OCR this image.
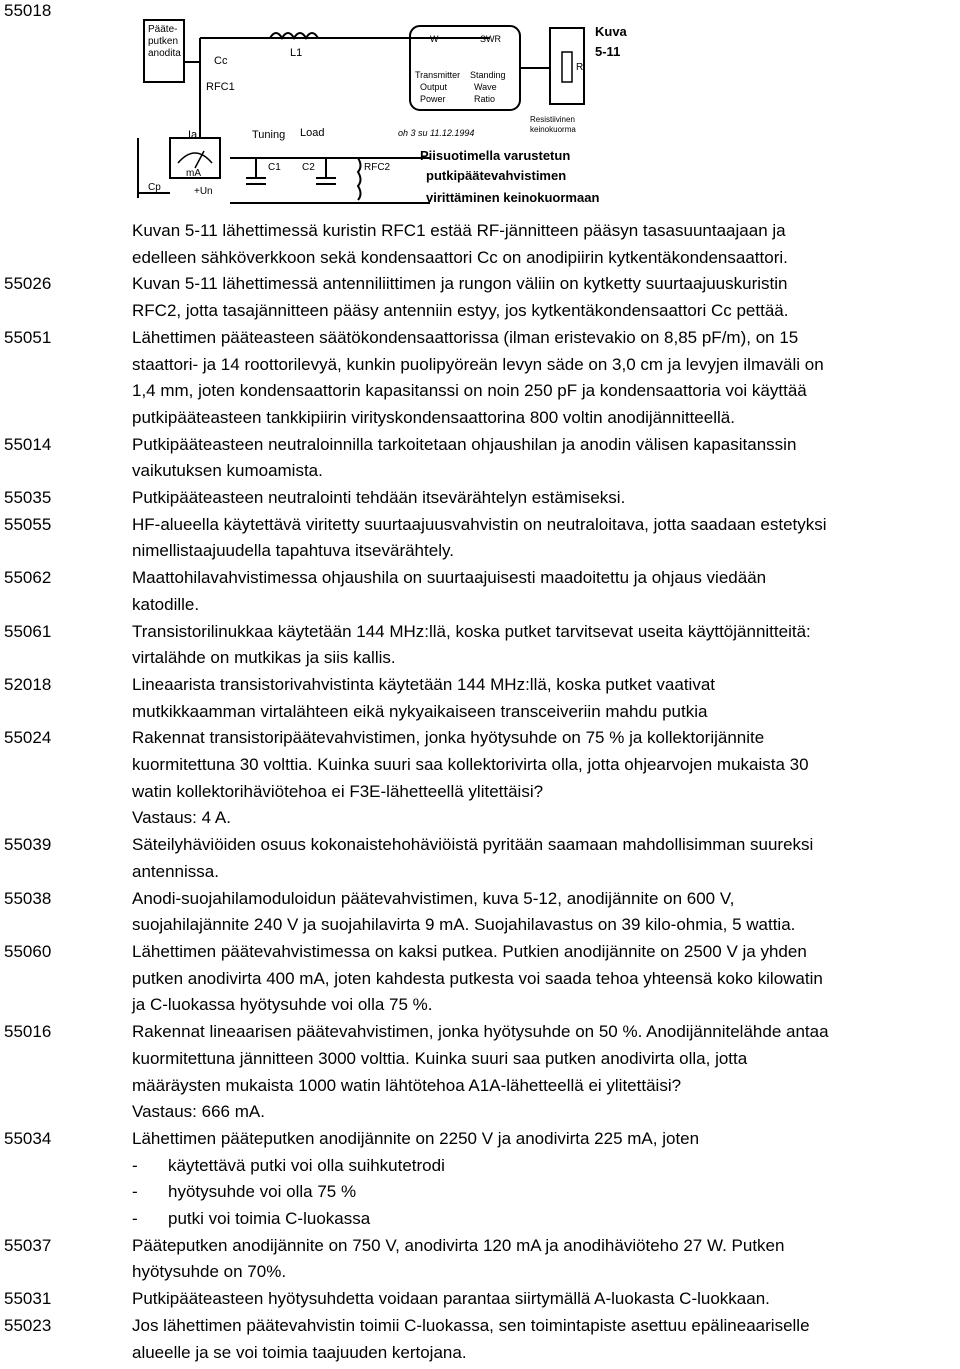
55018
Pääte-
putken
anodita
Cc
RFC1
L1
Ia
mA
Cp	+Un
Tuning Load
C1 C2	RFC2
W	SWR
Transmitter
Output
Power
Standing
Wave
Ratio
R
Resistiivinen
keinokuorma
Kuva
5-11
oh 3 su 11.12.1994
Piisuotimella varustetun
putkipäätevahvistimen
virittäminen keinokuormaan
Kuvan 5-11 lähettimessä kuristin RFC1 estää RF-jännitteen pääsyn tasasuuntaajaan ja
edelleen sähköverkkoon sekä kondensaattori Cc on anodipiirin kytkentäkondensaattori.
55026	Kuvan 5-11 lähettimessä antenniliittimen ja rungon väliin on kytketty suurtaajuuskuristin
RFC2, jotta tasajännitteen pääsy antenniin estyy, jos kytkentäkondensaattori Cc pettää.
55051	Lähettimen pääteasteen säätökondensaattorissa (ilman eristevakio on 8,85 pF/m), on 15
staattori- ja 14 roottorilevyä, kunkin puolipyöreän levyn säde on 3,0 cm ja levyjen ilmaväli on
1,4 mm, joten kondensaattorin kapasitanssi on noin 250 pF ja kondensaattoria voi käyttää
putkipääteasteen tankkipiirin virityskondensaattorina 800 voltin anodijännitteellä.
55014	Putkipääteasteen neutraloinnilla tarkoitetaan ohjaushilan ja anodin välisen kapasitanssin
vaikutuksen kumoamista.
55035	Putkipääteasteen neutralointi tehdään itsevärähtelyn estämiseksi.
55055	HF-alueella käytettävä viritetty suurtaajuusvahvistin on neutraloitava, jotta saadaan estetyksi
nimellistaajuudella tapahtuva itsevärähtely.
55062	Maattohilavahvistimessa ohjaushila on suurtaajuisesti maadoitettu ja ohjaus viedään
katodille.
55061	Transistorilinukkaa käytetään 144 MHz:llä, koska putket tarvitsevat useita käyttöjännitteitä:
virtalähde on mutkikas ja siis kallis.
52018	Lineaarista transistorivahvistinta käytetään 144 MHz:llä, koska putket vaativat
mutkikkaamman virtalähteen eikä nykyaikaiseen transceiveriin mahdu putkia
55024	Rakennat transistoripäätevahvistimen, jonka hyötysuhde on 75 % ja kollektorijännite
kuormitettuna 30 volttia. Kuinka suuri saa kollektorivirta olla, jotta ohjearvojen mukaista 30
watin kollektorihäviötehoa ei F3E-lähetteellä ylitettäisi?
Vastaus: 4 A.
55039	Säteilyhäviöiden osuus kokonaistehohäviöistä pyritään saamaan mahdollisimman suureksi
antennissa.
55038	Anodi-suojahilamoduloidun päätevahvistimen, kuva 5-12, anodijännite on 600 V,
suojahilajännite 240 V ja suojahilavirta 9 mA. Suojahilavastus on 39 kilo-ohmia, 5 wattia.
55060	Lähettimen päätevahvistimessa on kaksi putkea. Putkien anodijännite on 2500 V ja yhden
putken anodivirta 400 mA, joten kahdesta putkesta voi saada tehoa yhteensä koko kilowatin
ja C-luokassa hyötysuhde voi olla 75 %.
55016	Rakennat lineaarisen päätevahvistimen, jonka hyötysuhde on 50 %. Anodijännitelähde antaa
kuormitettuna jännitteen 3000 volttia. Kuinka suuri saa putken anodivirta olla, jotta
määräysten mukaista 1000 watin lähtötehoa A1A-lähetteellä ei ylitettäisi?
Vastaus: 666 mA.
55034	Lähettimen pääteputken anodijännite on 2250 V ja anodivirta 225 mA, joten
- käytettävä putki voi olla suihkutetrodi
- hyötysuhde voi olla 75 %
- putki voi toimia C-luokassa
55037	Pääteputken anodijännite on 750 V, anodivirta 120 mA ja anodihäviöteho 27 W. Putken
hyötysuhde on 70%.
55031	Putkipääteasteen hyötysuhdetta voidaan parantaa siirtymällä A-luokasta C-luokkaan.
55023	Jos lähettimen päätevahvistin toimii C-luokassa, sen toimintapiste asettuu epälineaariselle
alueelle ja se voi toimia taajuuden kertojana.
